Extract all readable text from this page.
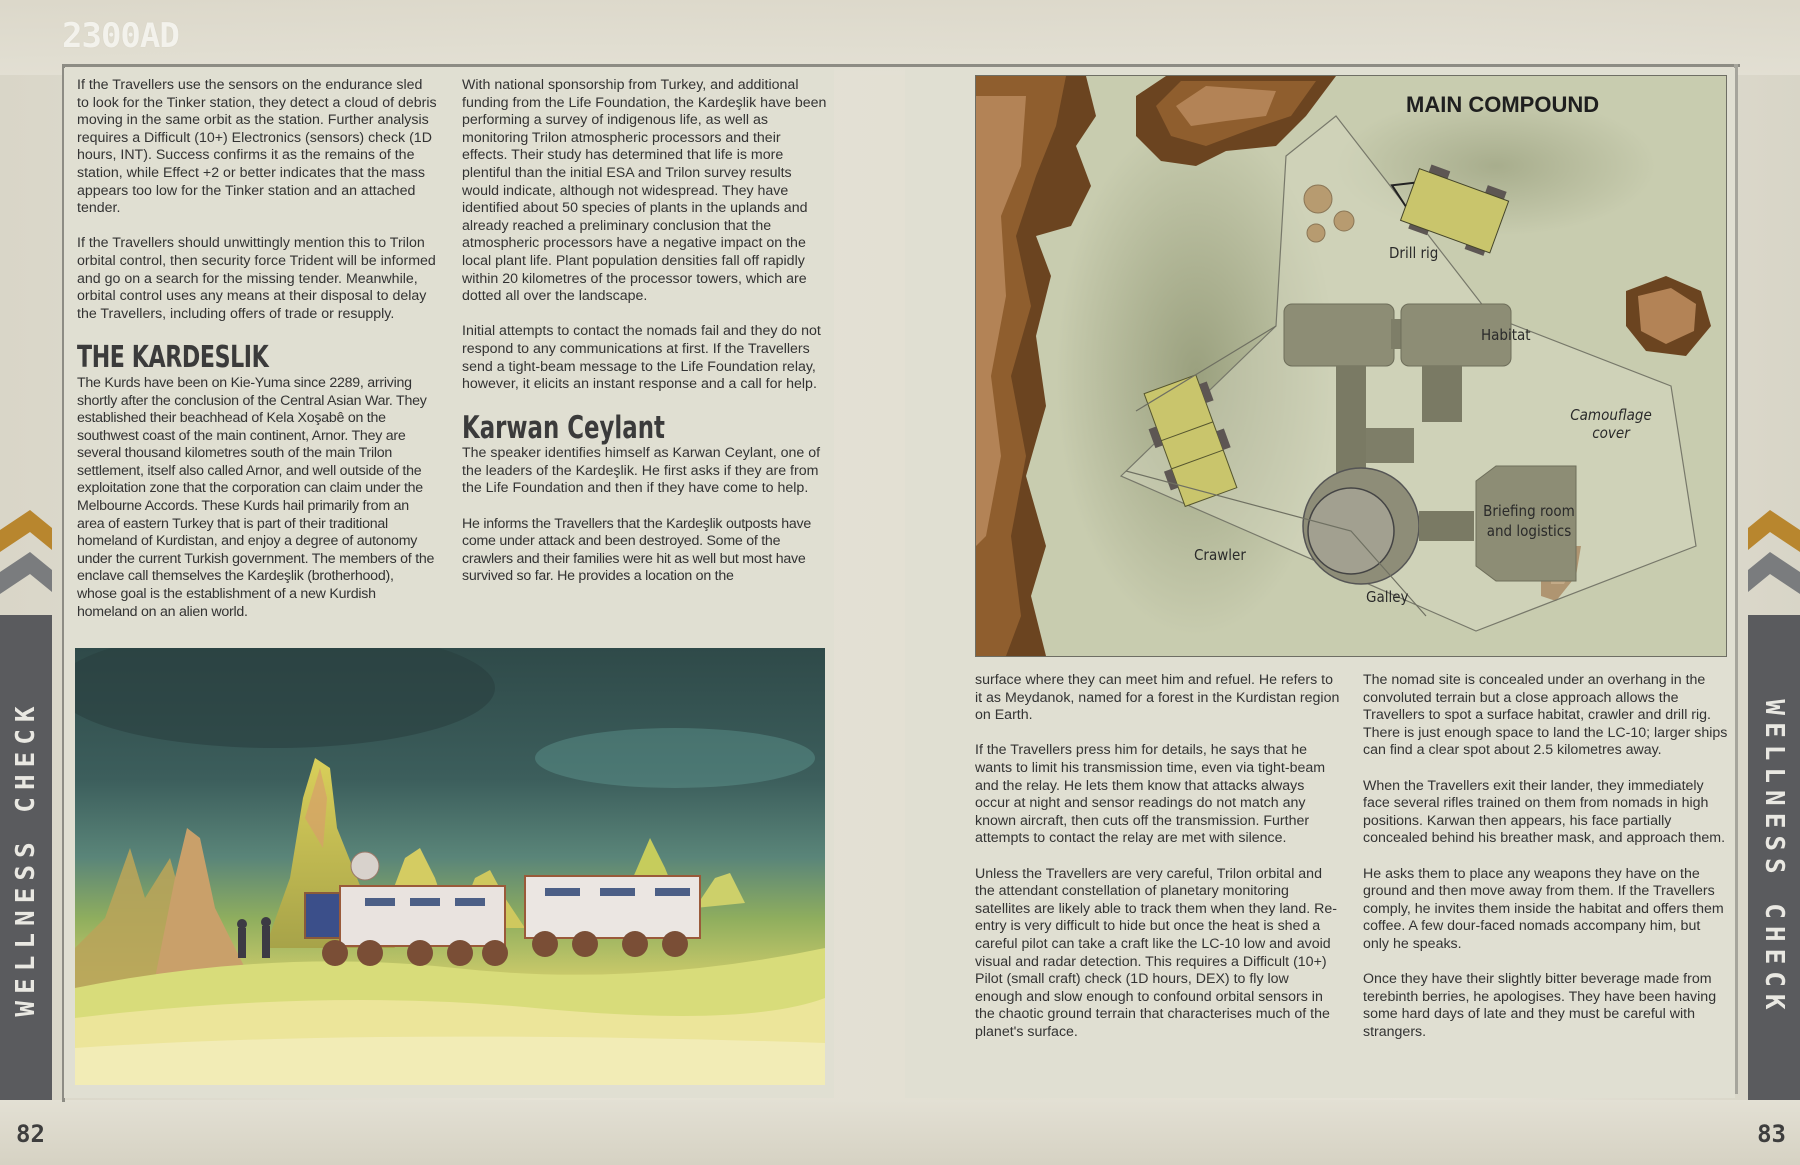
2300AD

If the Travellers use the sensors on the endurance sled to look for the Tinker station, they detect a cloud of debris moving in the same orbit as the station. Further analysis requires a Difficult (10+) Electronics (sensors) check (1D hours, INT). Success confirms it as the remains of the station, while Effect +2 or better indicates that the mass appears too low for the Tinker station and an attached tender.

If the Travellers should unwittingly mention this to Trilon orbital control, then security force Trident will be informed and go on a search for the missing tender. Meanwhile, orbital control uses any means at their disposal to delay the Travellers, including offers of trade or resupply.

THE KARDESLIK

The Kurds have been on Kie-Yuma since 2289, arriving shortly after the conclusion of the Central Asian War. They established their beachhead of Kela Xoşabê on the southwest coast of the main continent, Arnor. They are several thousand kilometres south of the main Trilon settlement, itself also called Arnor, and well outside of the exploitation zone that the corporation can claim under the Melbourne Accords. These Kurds hail primarily from an area of eastern Turkey that is part of their traditional homeland of Kurdistan, and enjoy a degree of autonomy under the current Turkish government. The members of the enclave call themselves the Kardeşlik (brotherhood), whose goal is the establishment of a new Kurdish homeland on an alien world.

With national sponsorship from Turkey, and additional funding from the Life Foundation, the Kardeşlik have been performing a survey of indigenous life, as well as monitoring Trilon atmospheric processors and their effects. Their study has determined that life is more plentiful than the initial ESA and Trilon survey results would indicate, although not widespread. They have identified about 50 species of plants in the uplands and already reached a preliminary conclusion that the atmospheric processors have a negative impact on the local plant life. Plant population densities fall off rapidly within 20 kilometres of the processor towers, which are dotted all over the landscape.

Initial attempts to contact the nomads fail and they do not respond to any communications at first. If the Travellers send a tight-beam message to the Life Foundation relay, however, it elicits an instant response and a call for help.

Karwan Ceylant

The speaker identifies himself as Karwan Ceylant, one of the leaders of the Kardeşlik. He first asks if they are from the Life Foundation and then if they have come to help.

He informs the Travellers that the Kardeşlik outposts have come under attack and been destroyed. Some of the crawlers and their families were hit as well but most have survived so far. He provides a location on the

MAIN COMPOUND
Drill rig
Habitat
Camouflage
cover
Briefing room
and logistics
Crawler
Galley

surface where they can meet him and refuel. He refers to it as Meydanok, named for a forest in the Kurdistan region on Earth.

If the Travellers press him for details, he says that he wants to limit his transmission time, even via tight-beam and the relay. He lets them know that attacks always occur at night and sensor readings do not match any known aircraft, then cuts off the transmission. Further attempts to contact the relay are met with silence.

Unless the Travellers are very careful, Trilon orbital and the attendant constellation of planetary monitoring satellites are likely able to track them when they land. Re-entry is very difficult to hide but once the heat is shed a careful pilot can take a craft like the LC-10 low and avoid visual and radar detection. This requires a Difficult (10+) Pilot (small craft) check (1D hours, DEX) to fly low enough and slow enough to confound orbital sensors in the chaotic ground terrain that characterises much of the planet's surface.

The nomad site is concealed under an overhang in the convoluted terrain but a close approach allows the Travellers to spot a surface habitat, crawler and drill rig. There is just enough space to land the LC-10; larger ships can find a clear spot about 2.5 kilometres away.

When the Travellers exit their lander, they immediately face several rifles trained on them from nomads in high positions. Karwan then appears, his face partially concealed behind his breather mask, and approach them.

He asks them to place any weapons they have on the ground and then move away from them. If the Travellers comply, he invites them inside the habitat and offers them coffee. A few dour-faced nomads accompany him, but only he speaks.

Once they have their slightly bitter beverage made from terebinth berries, he apologises. They have been having some hard days of late and they must be careful with strangers.

WELLNESS CHECK	WELLNESS CHECK
82	83
